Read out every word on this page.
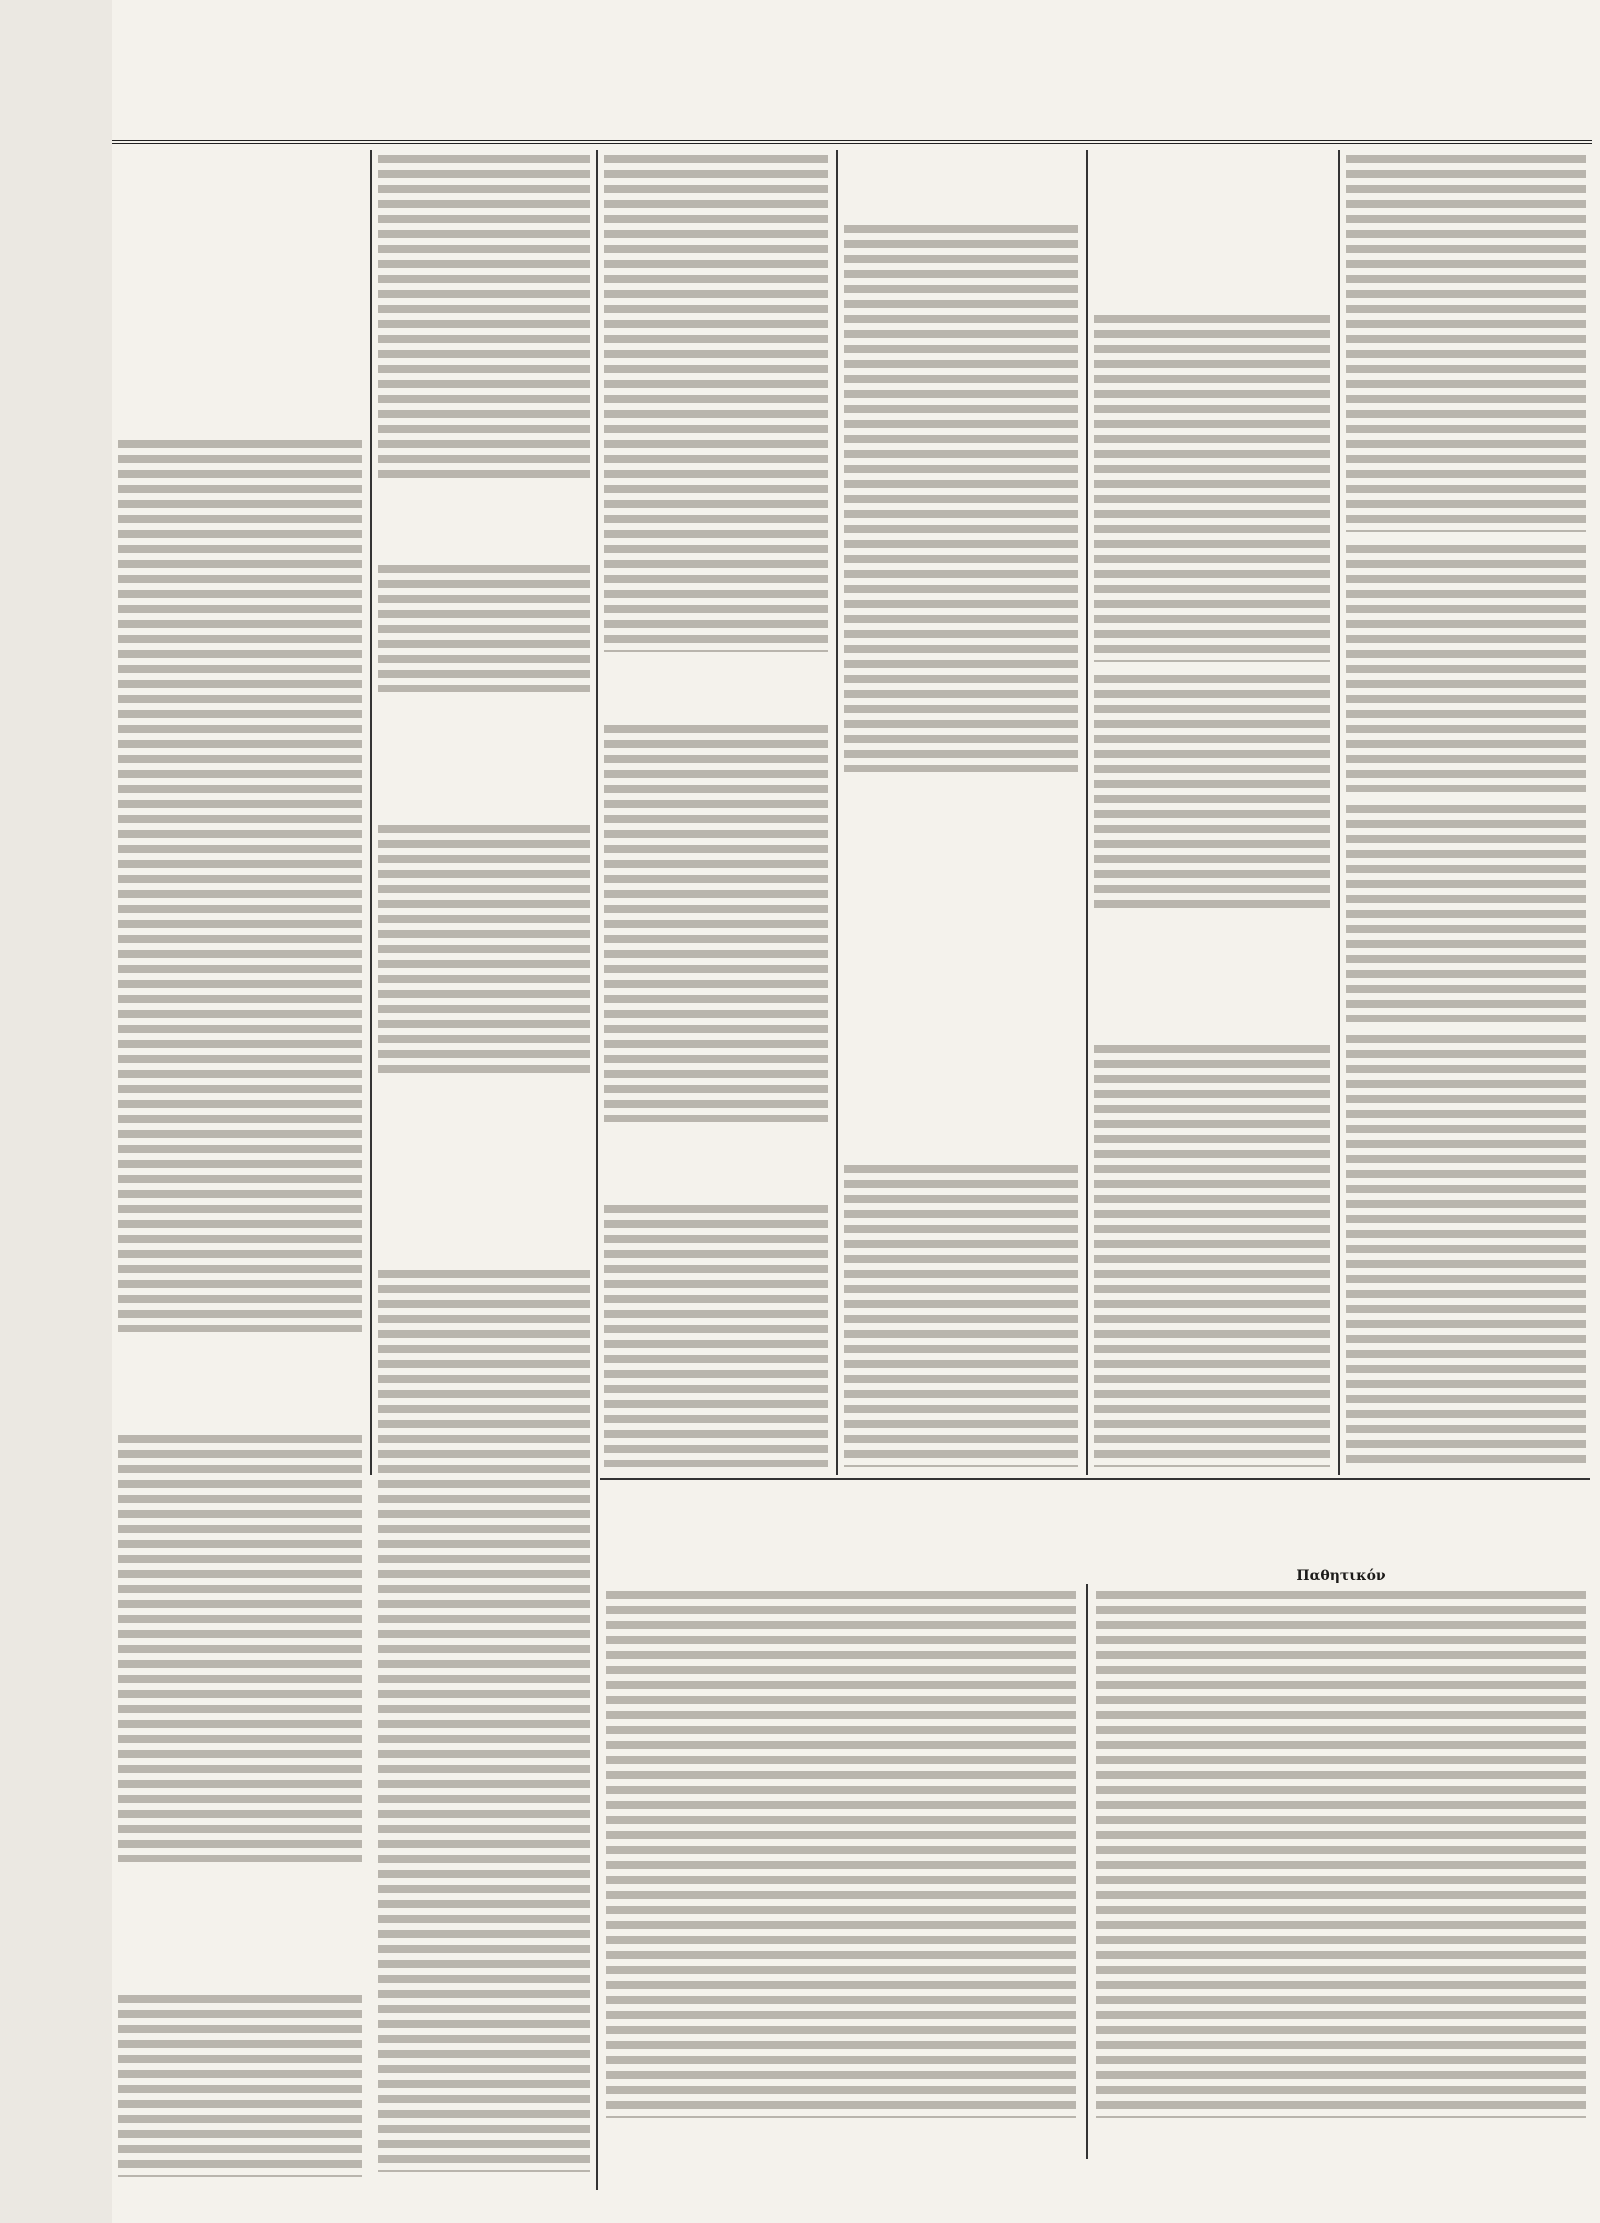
Παθητικόν
